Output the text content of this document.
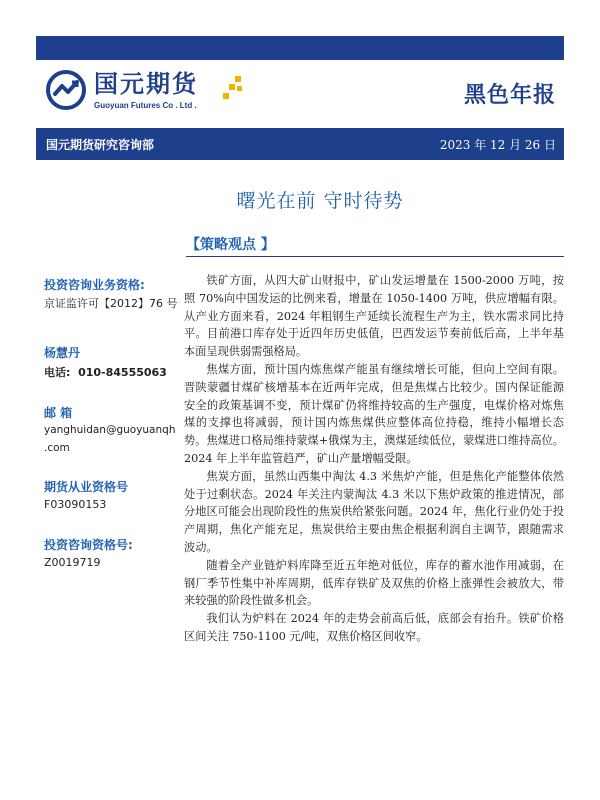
国元期货
Guoyuan Futures Co . Ltd .	黑色年报
国元期货研究咨询部	2023 年 12 月 26 日
曙光在前 守时待势
【策略观点 】
投资咨询业务资格:
京证监许可【2012】76 号
杨慧丹
电话: 010-84555063
邮 箱
yanghuidan@guoyuanqh
.com
期货从业资格号
F03090153
投资咨询资格号:
Z0019719

铁矿方面，从四大矿山财报中，矿山发运增量在 1500-2000 万吨，按照 70%向中国发运的比例来看，增量在 1050-1400 万吨，供应增幅有限。从产业方面来看，2024 年粗钢生产延续长流程生产为主，铁水需求同比持平。目前港口库存处于近四年历史低值，巴西发运节奏前低后高，上半年基本面呈现供弱需强格局。

焦煤方面，预计国内炼焦煤产能虽有继续增长可能，但向上空间有限。晋陕蒙疆甘煤矿核增基本在近两年完成，但是焦煤占比较少。国内保证能源安全的政策基调不变，预计煤矿仍将维持较高的生产强度，电煤价格对炼焦煤的支撑也将减弱，预计国内炼焦煤供应整体高位持稳，维持小幅增长态势。焦煤进口格局维持蒙煤+俄煤为主，澳煤延续低位，蒙煤进口维持高位。2024 年上半年监管趋严，矿山产量增幅受限。

焦炭方面，虽然山西集中淘汰 4.3 米焦炉产能，但是焦化产能整体依然处于过剩状态。2024 年关注内蒙淘汰 4.3 米以下焦炉政策的推进情况，部分地区可能会出现阶段性的焦炭供给紧张问题。2024 年，焦化行业仍处于投产周期，焦化产能充足，焦炭供给主要由焦企根据利润自主调节，跟随需求波动。

随着全产业链炉料库降至近五年绝对低位，库存的蓄水池作用减弱，在钢厂季节性集中补库周期，低库存铁矿及双焦的价格上涨弹性会被放大，带来较强的阶段性做多机会。

我们认为炉料在 2024 年的走势会前高后低，底部会有抬升。铁矿价格区间关注 750-1100 元/吨，双焦价格区间收窄。
